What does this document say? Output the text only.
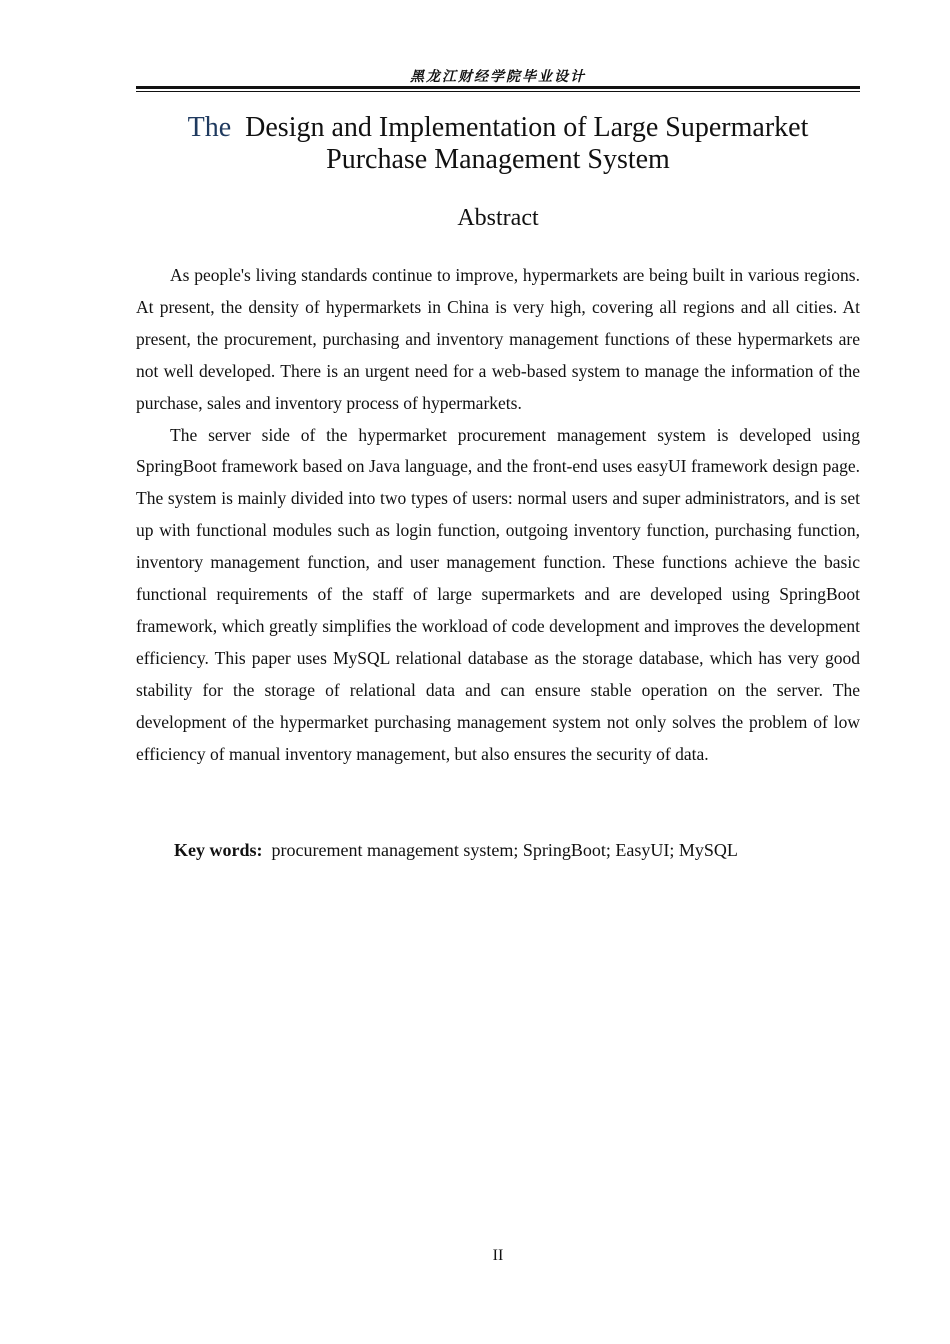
黑龙江财经学院毕业设计
The Design and Implementation of Large Supermarket
Purchase Management System
Abstract

As people's living standards continue to improve, hypermarkets are being built in various regions. At present, the density of hypermarkets in China is very high, covering all regions and all cities. At present, the procurement, purchasing and inventory management functions of these hypermarkets are not well developed. There is an urgent need for a web-based system to manage the information of the purchase, sales and inventory process of hypermarkets.

The server side of the hypermarket procurement management system is developed using SpringBoot framework based on Java language, and the front-end uses easyUI framework design page. The system is mainly divided into two types of users: normal users and super administrators, and is set up with functional modules such as login function, outgoing inventory function, purchasing function, inventory management function, and user management function. These functions achieve the basic functional requirements of the staff of large supermarkets and are developed using SpringBoot framework, which greatly simplifies the workload of code development and improves the development efficiency. This paper uses MySQL relational database as the storage database, which has very good stability for the storage of relational data and can ensure stable operation on the server. The development of the hypermarket purchasing management system not only solves the problem of low efficiency of manual inventory management, but also ensures the security of data.

Key words: procurement management system; SpringBoot; EasyUI; MySQL
II
